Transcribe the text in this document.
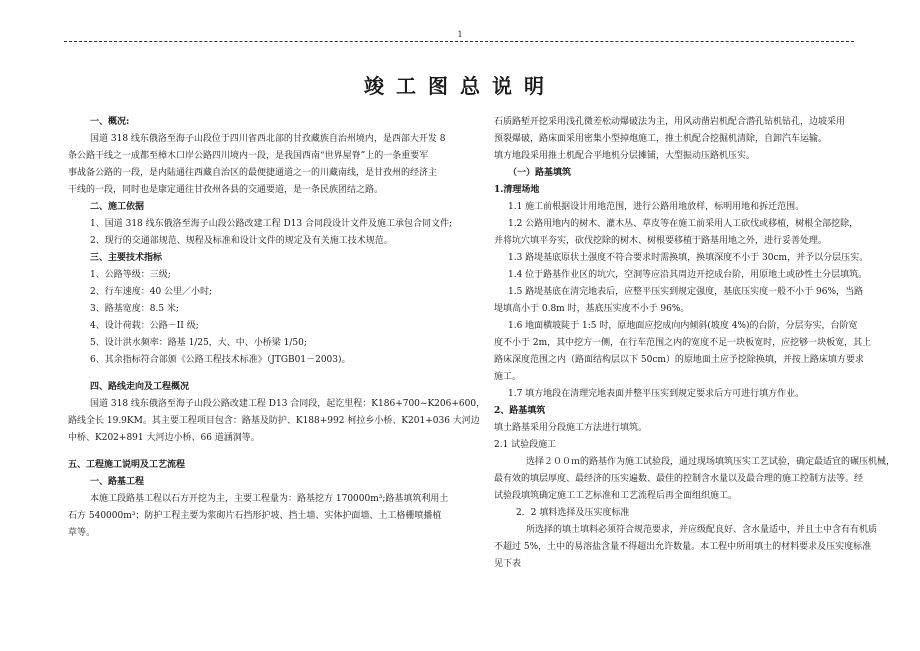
1
竣工图总说明

一、概况:

国道 318 线东俄洛至海子山段位于四川省西北部的甘孜藏族自治州境内，是西部大开发 8

条公路干线之一成都至樟木口岸公路四川境内一段，是我国西南“世界屋脊”上的一条重要军

事战备公路的一段，是内陆通往西藏自治区的最便捷通道之一的川藏南线，是甘孜州的经济主

干线的一段，同时也是康定通往甘孜州各县的交通要道，是一条民族团结之路。

二、施工依据

1、国道 318 线东俄洛至海子山段公路改建工程 D13 合同段设计文件及施工承包合同文件;

2、现行的交通部规范、规程及标准和设计文件的规定及有关施工技术规范。

三、主要技术指标

1、公路等级：三级;

2、行车速度：40 公里／小时;

3、路基宽度：8.5 米;

4、设计荷载：公路－II 级;

5、设计洪水频率：路基 1/25，大、中、小桥梁 1/50;

6、其余指标符合部颁《公路工程技术标准》（JTGB01－2003)。

四、路线走向及工程概况

国道 318 线东俄洛至海子山段公路改建工程 D13 合同段，起讫里程：K186+700~K206+600，

路线全长 19.9KM。其主要工程项目包含：路基及防护、K188+992 柯拉乡小桥、K201+036 大河边

中桥、K202+891 大河边小桥、66 道涵洞等。

五、工程施工说明及工艺流程

一、路基工程

本施工段路基工程以石方开挖为主，主要工程量为：路基挖方 170000m³;路基填筑利用土

石方 540000m³；防护工程主要为浆砌片石挡形护坡、挡土墙、实体护面墙、土工格栅喷播植

草等。

石质路堑开挖采用浅孔微差松动爆破法为主，用风动凿岩机配合潜孔钻机钻孔，边坡采用

预裂爆破，路床面采用密集小型掉炮施工，推土机配合挖掘机清除，自卸汽车运输。

填方地段采用推土机配合平地机分层摊铺，大型振动压路机压实。

（一）路基填筑

1.清理场地

1.1 施工前根据设计用地范围，进行公路用地放样，标明用地和拆迁范围。

1.2 公路用地内的树木、灌木丛、草皮等在施工前采用人工砍伐或移植，树根全部挖除，

并将坑穴填平夯实，砍伐挖除的树木、树根要移植于路基用地之外，进行妥善处理。

1.3 路堤基底原状土强度不符合要求时需换填，换填深度不小于 30cm，并予以分层压实。

1.4 位于路基作业区的坑穴，空洞等应沿其周边开挖成台阶，用原地土或砂性土分层填筑。

1.5 路堤基底在清完地表后，应整平压实到规定强度，基底压实度一般不小于 96%，当路

堤填高小于 0.8m 时，基底压实度不小于 96%。

1.6 地面横坡陡于 1:5 时，原地面应挖成向内倾斜(坡度 4%)的台阶，分层夯实，台阶宽

度不小于 2m，其中挖方一侧，在行车范围之内的宽度不足一块板宽时，应挖够一块板宽，其上

路床深度范围之内（路面结构层以下 50cm）的原地面土应予挖除换填，并按上路床填方要求

施工。

1.7 填方地段在清理完地表面并整平压实到规定要求后方可进行填方作业。

2、路基填筑

填土路基采用分段施工方法进行填筑。

2.1 试验段施工

选择２００ｍ的路基作为施工试验段，通过现场填筑压实工艺试验，确定最适宜的碾压机械，

最有效的填层厚度、最经济的压实遍数、最佳的控制含水量以及最合理的施工控制方法等。经

试验段填筑确定施工工艺标准和工艺流程后再全面组织施工。

2．2 填料选择及压实度标准

所选择的填土填料必须符合规范要求，并应级配良好、含水量适中，并且土中含有有机质

不超过 5%，土中的易溶盐含量不得超出允许数量。本工程中所用填土的材料要求及压实度标准

见下表
